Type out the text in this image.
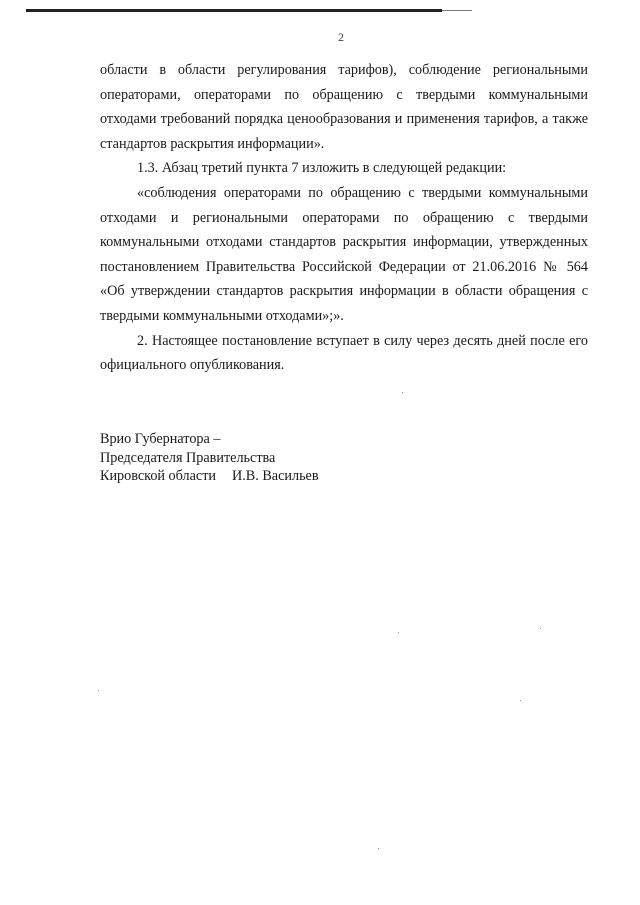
2

области в области регулирования тарифов), соблюдение региональными операторами, операторами по обращению с твердыми коммунальными отходами требований порядка ценообразования и применения тарифов, а также стандартов раскрытия информации».

1.3. Абзац третий пункта 7 изложить в следующей редакции:

«соблюдения операторами по обращению с твердыми коммунальными отходами и региональными операторами по обращению с твердыми коммунальными отходами стандартов раскрытия информации, утвержденных постановлением Правительства Российской Федерации от 21.06.2016 № 564 «Об утверждении стандартов раскрытия информации в области обращения с твердыми коммунальными отходами»;».

2. Настоящее постановление вступает в силу через десять дней после его официального опубликования.

Врио Губернатора –
Председателя Правительства
Кировской области И.В. Васильев
